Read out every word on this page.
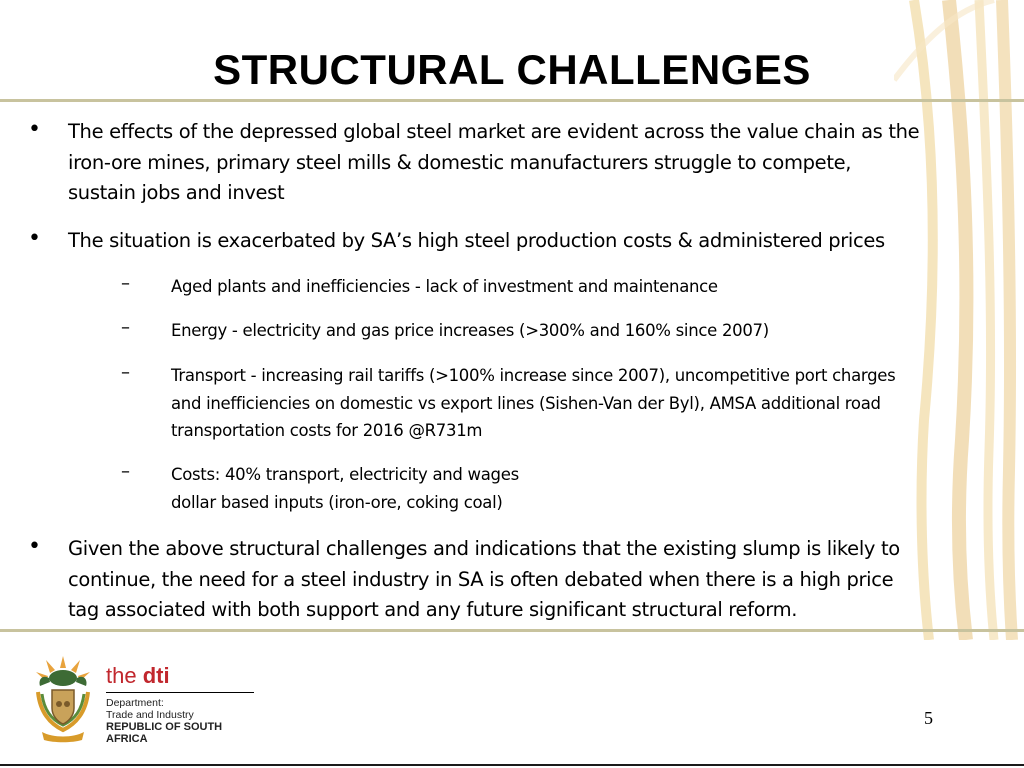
STRUCTURAL CHALLENGES
• The effects of the depressed global steel market are evident across the value chain as the
iron-ore mines, primary steel mills & domestic manufacturers struggle to compete,
sustain jobs and invest
• The situation is exacerbated by SA’s high steel production costs & administered prices
–	Aged plants and inefficiencies - lack of investment and maintenance
–	Energy - electricity and gas price increases (>300% and 160% since 2007)
–	Transport - increasing rail tariffs (>100% increase since 2007), uncompetitive port charges
and inefficiencies on domestic vs export lines (Sishen-Van der Byl), AMSA additional road
transportation costs for 2016 @R731m
–	Costs: 40% transport, electricity and wages
dollar based inputs (iron-ore, coking coal)
• Given the above structural challenges and indications that the existing slump is likely to
continue, the need for a steel industry in SA is often debated when there is a high price
tag associated with both support and any future significant structural reform.
the dti
Department:
Trade and Industry
REPUBLIC OF SOUTH AFRICA
5
